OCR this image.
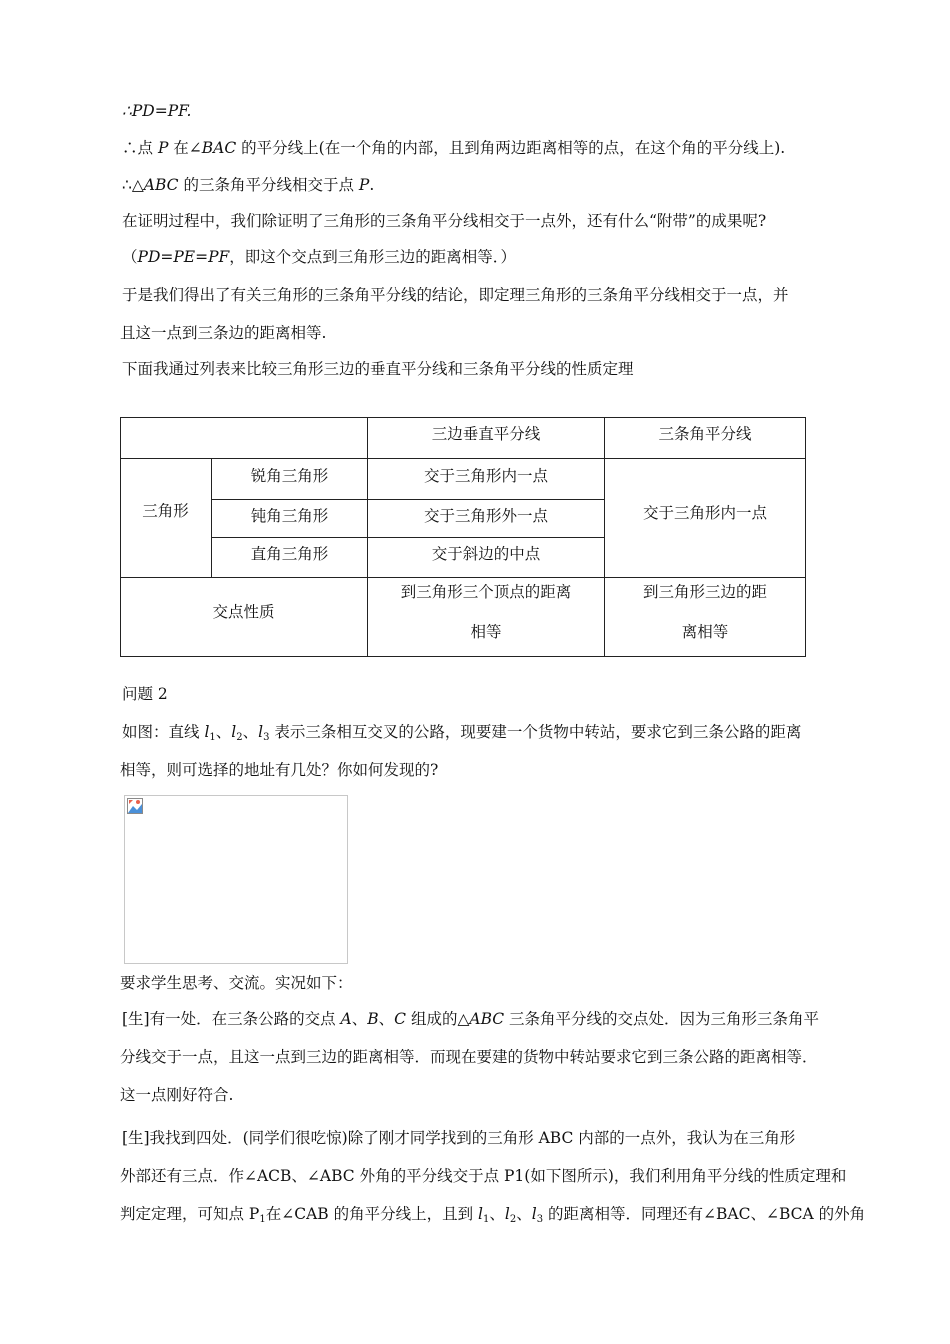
∴PD=PF.
∴点 P 在∠BAC 的平分线上(在一个角的内部，且到角两边距离相等的点，在这个角的平分线上).
∴△ABC 的三条角平分线相交于点 P.
在证明过程中，我们除证明了三角形的三条角平分线相交于一点外，还有什么“附带”的成果呢?
（PD=PE=PF，即这个交点到三角形三边的距离相等．）
于是我们得出了有关三角形的三条角平分线的结论，即定理三角形的三条角平分线相交于一点，并
且这一点到三条边的距离相等.
下面我通过列表来比较三角形三边的垂直平分线和三条角平分线的性质定理
三边垂直平分线	三条角平分线
三角形
锐角三角形
钝角三角形
直角三角形
交于三角形内一点
交于三角形外一点
交于斜边的中点
交于三角形内一点
交点性质
到三角形三个顶点的距离
相等
到三角形三边的距
离相等
问题 2
如图：直线 $l_1$、$l_2$、$l_3$ 表示三条相互交叉的公路，现要建一个货物中转站，要求它到三条公路的距离
相等，则可选择的地址有几处？你如何发现的?
要求学生思考、交流。实况如下：
[生]有一处．在三条公路的交点 A、B、C 组成的△ABC 三条角平分线的交点处．因为三角形三条角平
分线交于一点，且这一点到三边的距离相等．而现在要建的货物中转站要求它到三条公路的距离相等．
这一点刚好符合.
[生]我找到四处．(同学们很吃惊)除了刚才同学找到的三角形 ABC 内部的一点外，我认为在三角形
外部还有三点．作∠ACB、∠ABC 外角的平分线交于点 P1(如下图所示)，我们利用角平分线的性质定理和
判定定理，可知点 $P_1$在∠CAB 的角平分线上，且到 $l_1$、$l_2$、$l_3$ 的距离相等．同理还有∠BAC、∠BCA 的外角
